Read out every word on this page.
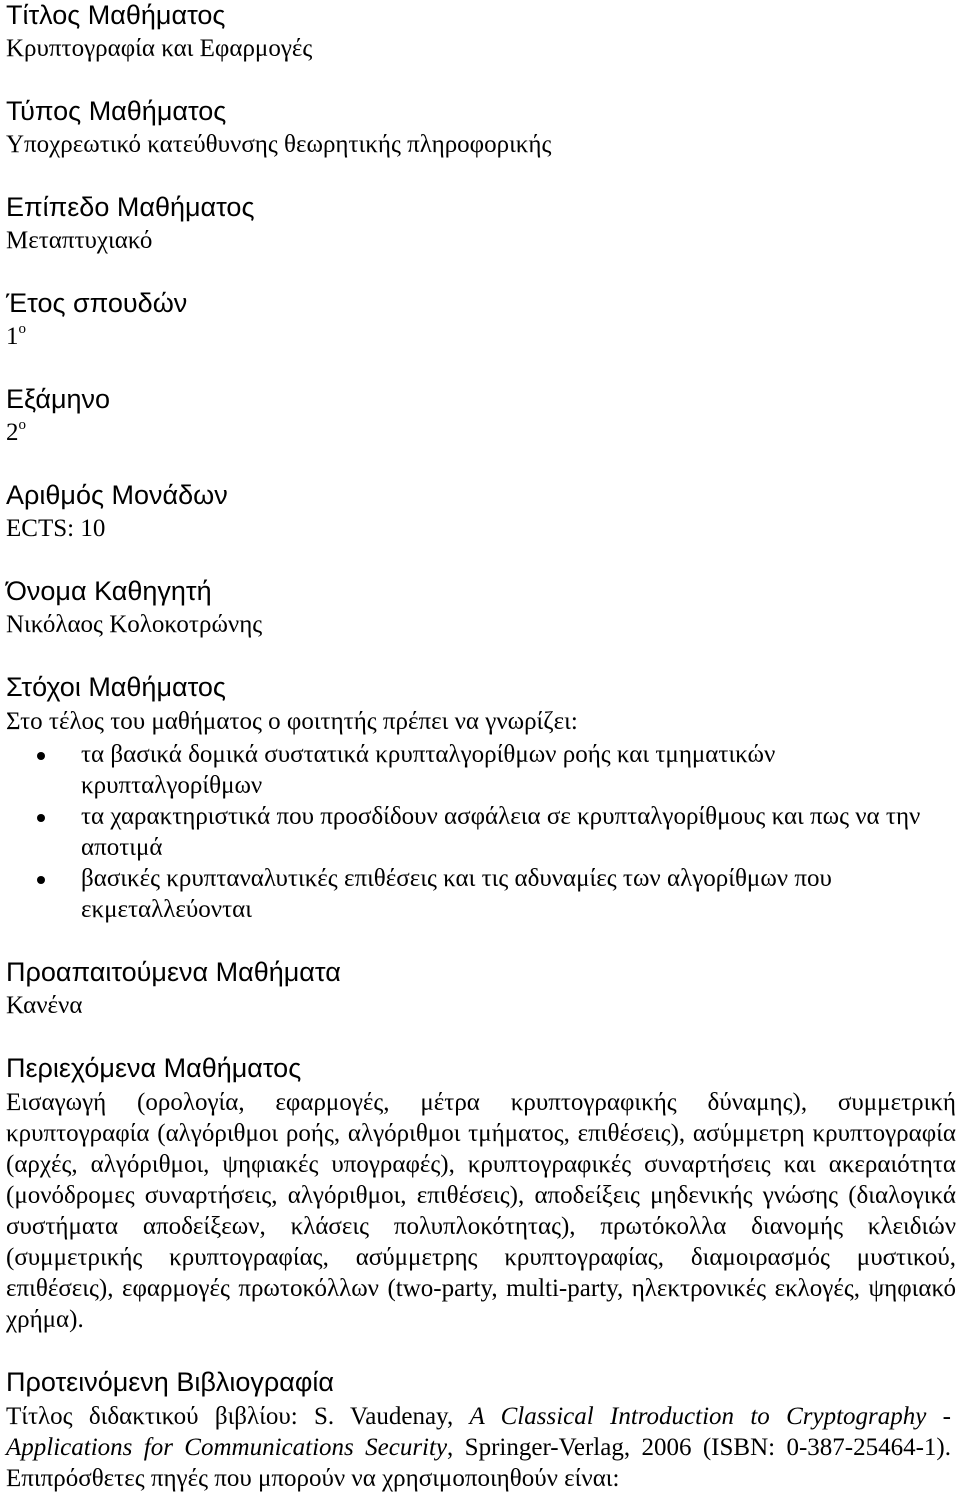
Τίτλος Μαθήματος
Κρυπτογραφία και Εφαρμογές
Τύπος Μαθήματος
Υποχρεωτικό κατεύθυνσης θεωρητικής πληροφορικής
Επίπεδο Μαθήματος
Μεταπτυχιακό
Έτος σπουδών
$1^o$
Εξάμηνο
$2^o$
Αριθμός Μονάδων
ECTS: 10
Όνομα Καθηγητή
Νικόλαος Κολοκοτρώνης
Στόχοι Μαθήματος
Στο τέλος του μαθήματος ο φοιτητής πρέπει να γνωρίζει:
τα βασικά δομικά συστατικά κρυπταλγορίθμων ροής και τμηματικών κρυπταλγορίθμων
τα χαρακτηριστικά που προσδίδουν ασφάλεια σε κρυπταλγορίθμους και πως να την αποτιμά
βασικές κρυπταναλυτικές επιθέσεις και τις αδυναμίες των αλγορίθμων που εκμεταλλεύονται
Προαπαιτούμενα Μαθήματα
Κανένα
Περιεχόμενα Μαθήματος
Εισαγωγή (ορολογία, εφαρμογές, μέτρα κρυπτογραφικής δύναμης), συμμετρική κρυπτογραφία (αλγόριθμοι ροής, αλγόριθμοι τμήματος, επιθέσεις), ασύμμετρη κρυπτογραφία (αρχές, αλγόριθμοι, ψηφιακές υπογραφές), κρυπτογραφικές συναρτήσεις και ακεραιότητα (μονόδρομες συναρτήσεις, αλγόριθμοι, επιθέσεις), αποδείξεις μηδενικής γνώσης (διαλογικά συστήματα αποδείξεων, κλάσεις πολυπλοκότητας), πρωτόκολλα διανομής κλειδιών (συμμετρικής κρυπτογραφίας, ασύμμετρης κρυπτογραφίας, διαμοιρασμός μυστικού, επιθέσεις), εφαρμογές πρωτοκόλλων (two-party, multi-party, ηλεκτρονικές εκλογές, ψηφιακό χρήμα).
Προτεινόμενη Βιβλιογραφία
Τίτλος διδακτικού βιβλίου: S. Vaudenay, A Classical Introduction to Cryptography - Applications for Communications Security, Springer-Verlag, 2006 (ISBN: 0-387-25464-1). Επιπρόσθετες πηγές που μπορούν να χρησιμοποιηθούν είναι:
